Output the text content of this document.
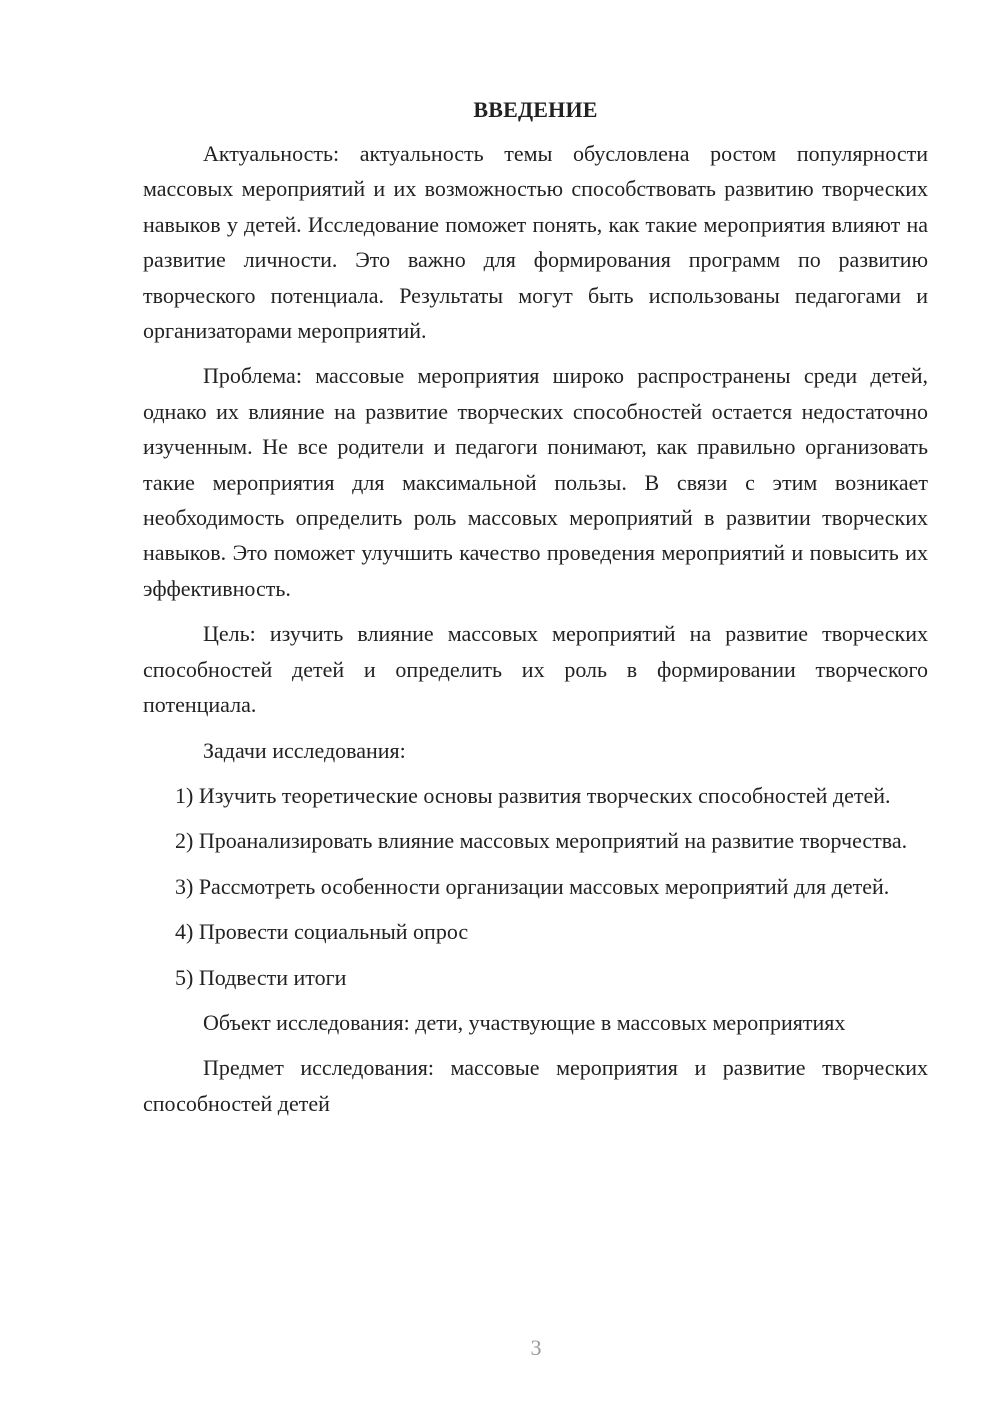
ВВЕДЕНИЕ

Актуальность: актуальность темы обусловлена ростом популярности массовых мероприятий и их возможностью способствовать развитию творческих навыков у детей. Исследование поможет понять, как такие мероприятия влияют на развитие личности. Это важно для формирования программ по развитию творческого потенциала. Результаты могут быть использованы педагогами и организаторами мероприятий.

Проблема: массовые мероприятия широко распространены среди детей, однако их влияние на развитие творческих способностей остается недостаточно изученным. Не все родители и педагоги понимают, как правильно организовать такие мероприятия для максимальной пользы. В связи с этим возникает необходимость определить роль массовых мероприятий в развитии творческих навыков. Это поможет улучшить качество проведения мероприятий и повысить их эффективность.

Цель: изучить влияние массовых мероприятий на развитие творческих способностей детей и определить их роль в формировании творческого потенциала.

Задачи исследования:

1) Изучить теоретические основы развития творческих способностей детей.

2) Проанализировать влияние массовых мероприятий на развитие творчества.

3) Рассмотреть особенности организации массовых мероприятий для детей.

4) Провести социальный опрос

5) Подвести итоги

Объект исследования: дети, участвующие в массовых мероприятиях

Предмет исследования: массовые мероприятия и развитие творческих способностей детей

3
